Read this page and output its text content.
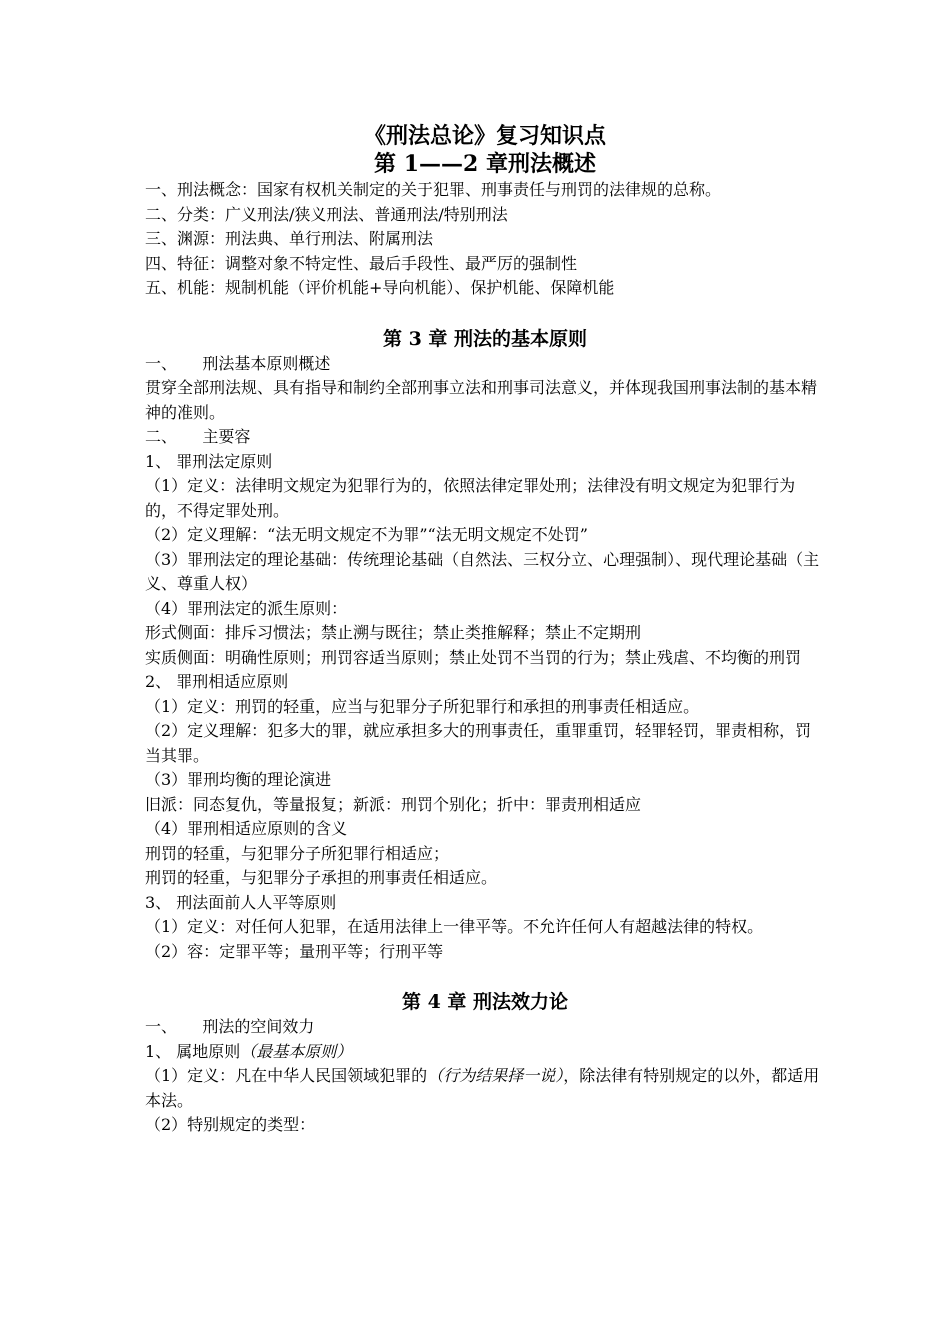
《刑法总论》复习知识点

第 1——2 章刑法概述

一、刑法概念：国家有权机关制定的关于犯罪、刑事责任与刑罚的法律规的总称。

二、分类：广义刑法/狭义刑法、普通刑法/特别刑法

三、渊源：刑法典、单行刑法、附属刑法

四、特征：调整对象不特定性、最后手段性、最严厉的强制性

五、机能：规制机能（评价机能+导向机能）、保护机能、保障机能

第 3 章 刑法的基本原则

一、     刑法基本原则概述

贯穿全部刑法规、具有指导和制约全部刑事立法和刑事司法意义，并体现我国刑事法制的基本精神的准则。

二、     主要容

1、 罪刑法定原则

（1）定义：法律明文规定为犯罪行为的，依照法律定罪处刑；法律没有明文规定为犯罪行为的，不得定罪处刑。

（2）定义理解：“法无明文规定不为罪”“法无明文规定不处罚”

（3）罪刑法定的理论基础：传统理论基础（自然法、三权分立、心理强制）、现代理论基础（主义、尊重人权）

（4）罪刑法定的派生原则：

形式侧面：排斥习惯法；禁止溯与既往；禁止类推解释；禁止不定期刑

实质侧面：明确性原则；刑罚容适当原则；禁止处罚不当罚的行为；禁止残虐、不均衡的刑罚

2、 罪刑相适应原则

（1）定义：刑罚的轻重，应当与犯罪分子所犯罪行和承担的刑事责任相适应。

（2）定义理解：犯多大的罪，就应承担多大的刑事责任，重罪重罚，轻罪轻罚，罪责相称，罚当其罪。

（3）罪刑均衡的理论演进

旧派：同态复仇，等量报复；新派：刑罚个别化；折中：罪责刑相适应

（4）罪刑相适应原则的含义

刑罚的轻重，与犯罪分子所犯罪行相适应；

刑罚的轻重，与犯罪分子承担的刑事责任相适应。

3、 刑法面前人人平等原则

（1）定义：对任何人犯罪，在适用法律上一律平等。不允许任何人有超越法律的特权。

（2）容：定罪平等；量刑平等；行刑平等

第 4 章 刑法效力论

一、     刑法的空间效力

1、 属地原则（最基本原则）

（1）定义：凡在中华人民国领域犯罪的（行为结果择一说），除法律有特别规定的以外，都适用本法。

（2）特别规定的类型：
